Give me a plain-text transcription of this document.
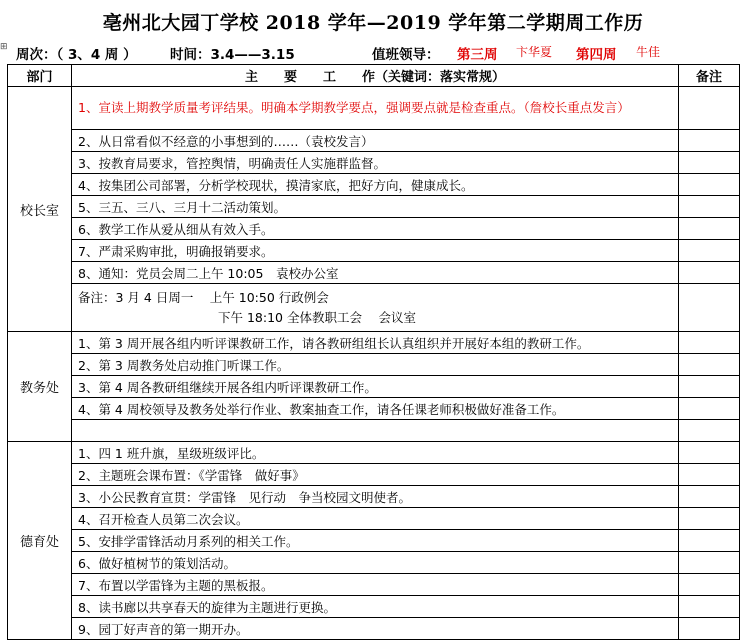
亳州北大园丁学校 2018 学年—2019 学年第二学期周工作历
⊞ 周次：（ 3、4 周 ） 时间：3.4——3.15	值班领导： 第三周 卞华夏 第四周 牛佳
部门	主　　要　　工　　作（关键词：落实常规）	备注
校长室	1、宣读上期教学质量考评结果。明确本学期教学要点，强调要点就是检查重点。（詹校长重点发言）	
	2、从日常看似不经意的小事想到的……（袁校发言）	
	3、按教育局要求，管控舆情，明确责任人实施群监督。	
	4、按集团公司部署，分析学校现状，摸清家底，把好方向，健康成长。	
	5、三五、三八、三月十二活动策划。	
	6、教学工作从爱从细从有效入手。	
	7、严肃采购审批，明确报销要求。	
	8、通知：党员会周二上午 10:05　袁校办公室	

	备注：3 月 4 日周一　 上午 10:50 行政例会
下午 18:10 全体教职工会　 会议室	

教务处	1、第 3 周开展各组内听评课教研工作，请各教研组组长认真组织并开展好本组的教研工作。	
	2、第 3 周教务处启动推门听课工作。	
	3、第 4 周各教研组继续开展各组内听评课教研工作。	
	4、第 4 周校领导及教务处举行作业、教案抽查工作，请各任课老师积极做好准备工作。	

德育处	1、四 1 班升旗，星级班级评比。	
	2、主题班会课布置：《学雷锋　做好事》	
	3、小公民教育宣贯：学雷锋　见行动　争当校园文明使者。	
	4、召开检查人员第二次会议。	
	5、安排学雷锋活动月系列的相关工作。	
	6、做好植树节的策划活动。	
	7、布置以学雷锋为主题的黑板报。	
	8、读书廊以共享春天的旋律为主题进行更换。	
	9、园丁好声音的第一期开办。	
